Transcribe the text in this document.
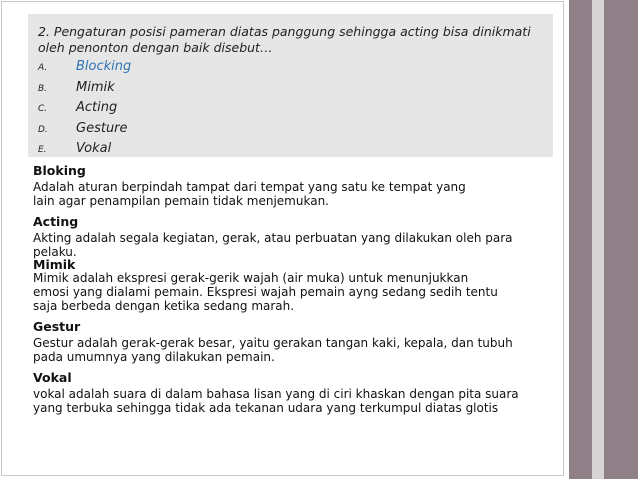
2. Pengaturan posisi pameran diatas panggung sehingga acting bisa dinikmati
oleh penonton dengan baik disebut…

A.	Blocking
B.	Mimik
C.	Acting
D.	Gesture
E.	Vokal

Bloking

Adalah aturan berpindah tampat dari tempat yang satu ke tempat yang
lain agar penampilan pemain tidak menjemukan.

Acting

Akting adalah segala kegiatan, gerak, atau perbuatan yang dilakukan oleh para
pelaku.

Mimik

Mimik adalah ekspresi gerak-gerik wajah (air muka) untuk menunjukkan
emosi yang dialami pemain. Ekspresi wajah pemain ayng sedang sedih tentu
saja berbeda dengan ketika sedang marah.

Gestur

Gestur adalah gerak-gerak besar, yaitu gerakan tangan kaki, kepala, dan tubuh
pada umumnya yang dilakukan pemain.

Vokal

vokal adalah suara di dalam bahasa lisan yang di ciri khaskan dengan pita suara
yang terbuka sehingga tidak ada tekanan udara yang terkumpul diatas glotis
